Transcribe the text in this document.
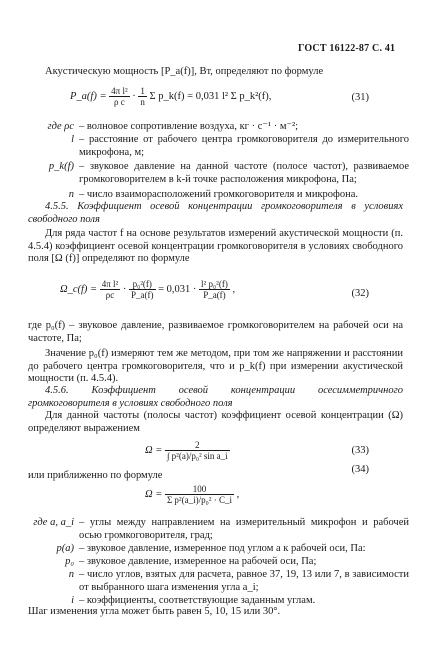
ГОСТ 16122-87 С. 41
Акустическую мощность [P_a(f)], Вт, определяют по формуле
P_a(f) = $\frac{\text{4π l²}}{\text{ρ c}} \cdot \frac{1}{n}$ Σ p_k(f) = 0,031 l² Σ p_k²(f),	(31)
где ρc – волновое сопротивление воздуха, кг · с⁻¹ · м⁻²;
l – расстояние от рабочего центра громкоговорителя до измерительного микрофона, м;
p_k(f) – звуковое давление на данной частоте (полосе частот), развиваемое громкоговорителем в k-й точке расположения микрофона, Па;
n – число взаиморасположений громкоговорителя и микрофона.
4.5.5. Коэффициент осевой концентрации громкоговорителя в условиях свободного поля
Для ряда частот f на основе результатов измерений акустической мощности (п. 4.5.4) коэффициент осевой концентрации громкоговорителя в условиях свободного поля [Ω (f)] определяют по формуле
Ω_c(f) = $\frac{\text{4π l²}}{\rho c} \cdot \frac{\text{p₀²(f)}}{P\_a(f)} = 0,031 \cdot \frac{\text{l² p₀²(f)}}{P\_a(f)}$ ,	(32)
где p₀(f) – звуковое давление, развиваемое громкоговорителем на рабочей оси на частоте, Па;
Значение p₀(f) измеряют тем же методом, при том же напряжении и расстоянии до рабочего центра громкоговорителя, что и p_k(f) при измерении акустической мощности (п. 4.5.4).
4.5.6. Коэффициент осевой концентрации осесимметричного громкоговорителя в условиях свободного поля
Для данной частоты (полосы частот) коэффициент осевой концентрации (Ω) определяют выражением
$\Omega = \frac{2}{\text{∫ p²(a)/p₀² sin a\_i}}$	(33)
или приближенно по формуле
$\Omega = \frac{100}{\text{Σ p²(a\_i)/p₀² · C\_i}}$ ,
(34)
где a, a_i – углы между направлением на измерительный микрофон и рабочей осью громкоговорителя, град;
p(a) – звуковое давление, измеренное под углом a к рабочей оси, Па:
p₀ – звуковое давление, измеренное на рабочей оси, Па;
n – число углов, взятых для расчета, равное 37, 19, 13 или 7, в зависимости от выбранного шага изменения угла a_i;
i – коэффициенты, соответствующие заданным углам.
Шаг изменения угла может быть равен 5, 10, 15 или 30°.
